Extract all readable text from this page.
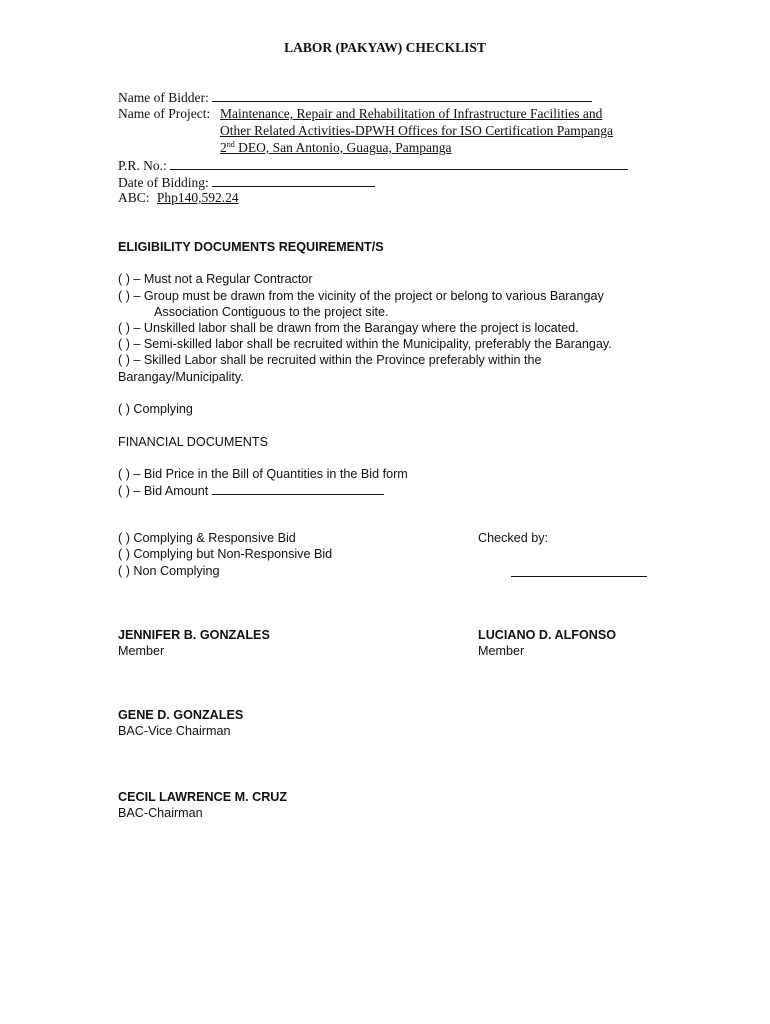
LABOR (PAKYAW) CHECKLIST
Name of Bidder:
Name of Project: Maintenance, Repair and Rehabilitation of Infrastructure Facilities and
Other Related Activities-DPWH Offices for ISO Certification Pampanga
2nd DEO, San Antonio, Guagua, Pampanga
P.R. No.:
Date of Bidding:
ABC: Php140,592.24
ELIGIBILITY DOCUMENTS REQUIREMENT/S
( ) – Must not a Regular Contractor
( ) – Group must be drawn from the vicinity of the project or belong to various Barangay
Association Contiguous to the project site.
( ) – Unskilled labor shall be drawn from the Barangay where the project is located.
( ) – Semi-skilled labor shall be recruited within the Municipality, preferably the Barangay.
( ) – Skilled Labor shall be recruited within the Province preferably within the
Barangay/Municipality.
( ) Complying
FINANCIAL DOCUMENTS
( ) – Bid Price in the Bill of Quantities in the Bid form
( ) – Bid Amount
( ) Complying & Responsive Bid
( ) Complying but Non-Responsive Bid
( ) Non Complying
Checked by:
JENNIFER B. GONZALES
Member
LUCIANO D. ALFONSO
Member
GENE D. GONZALES
BAC-Vice Chairman
CECIL LAWRENCE M. CRUZ
BAC-Chairman
